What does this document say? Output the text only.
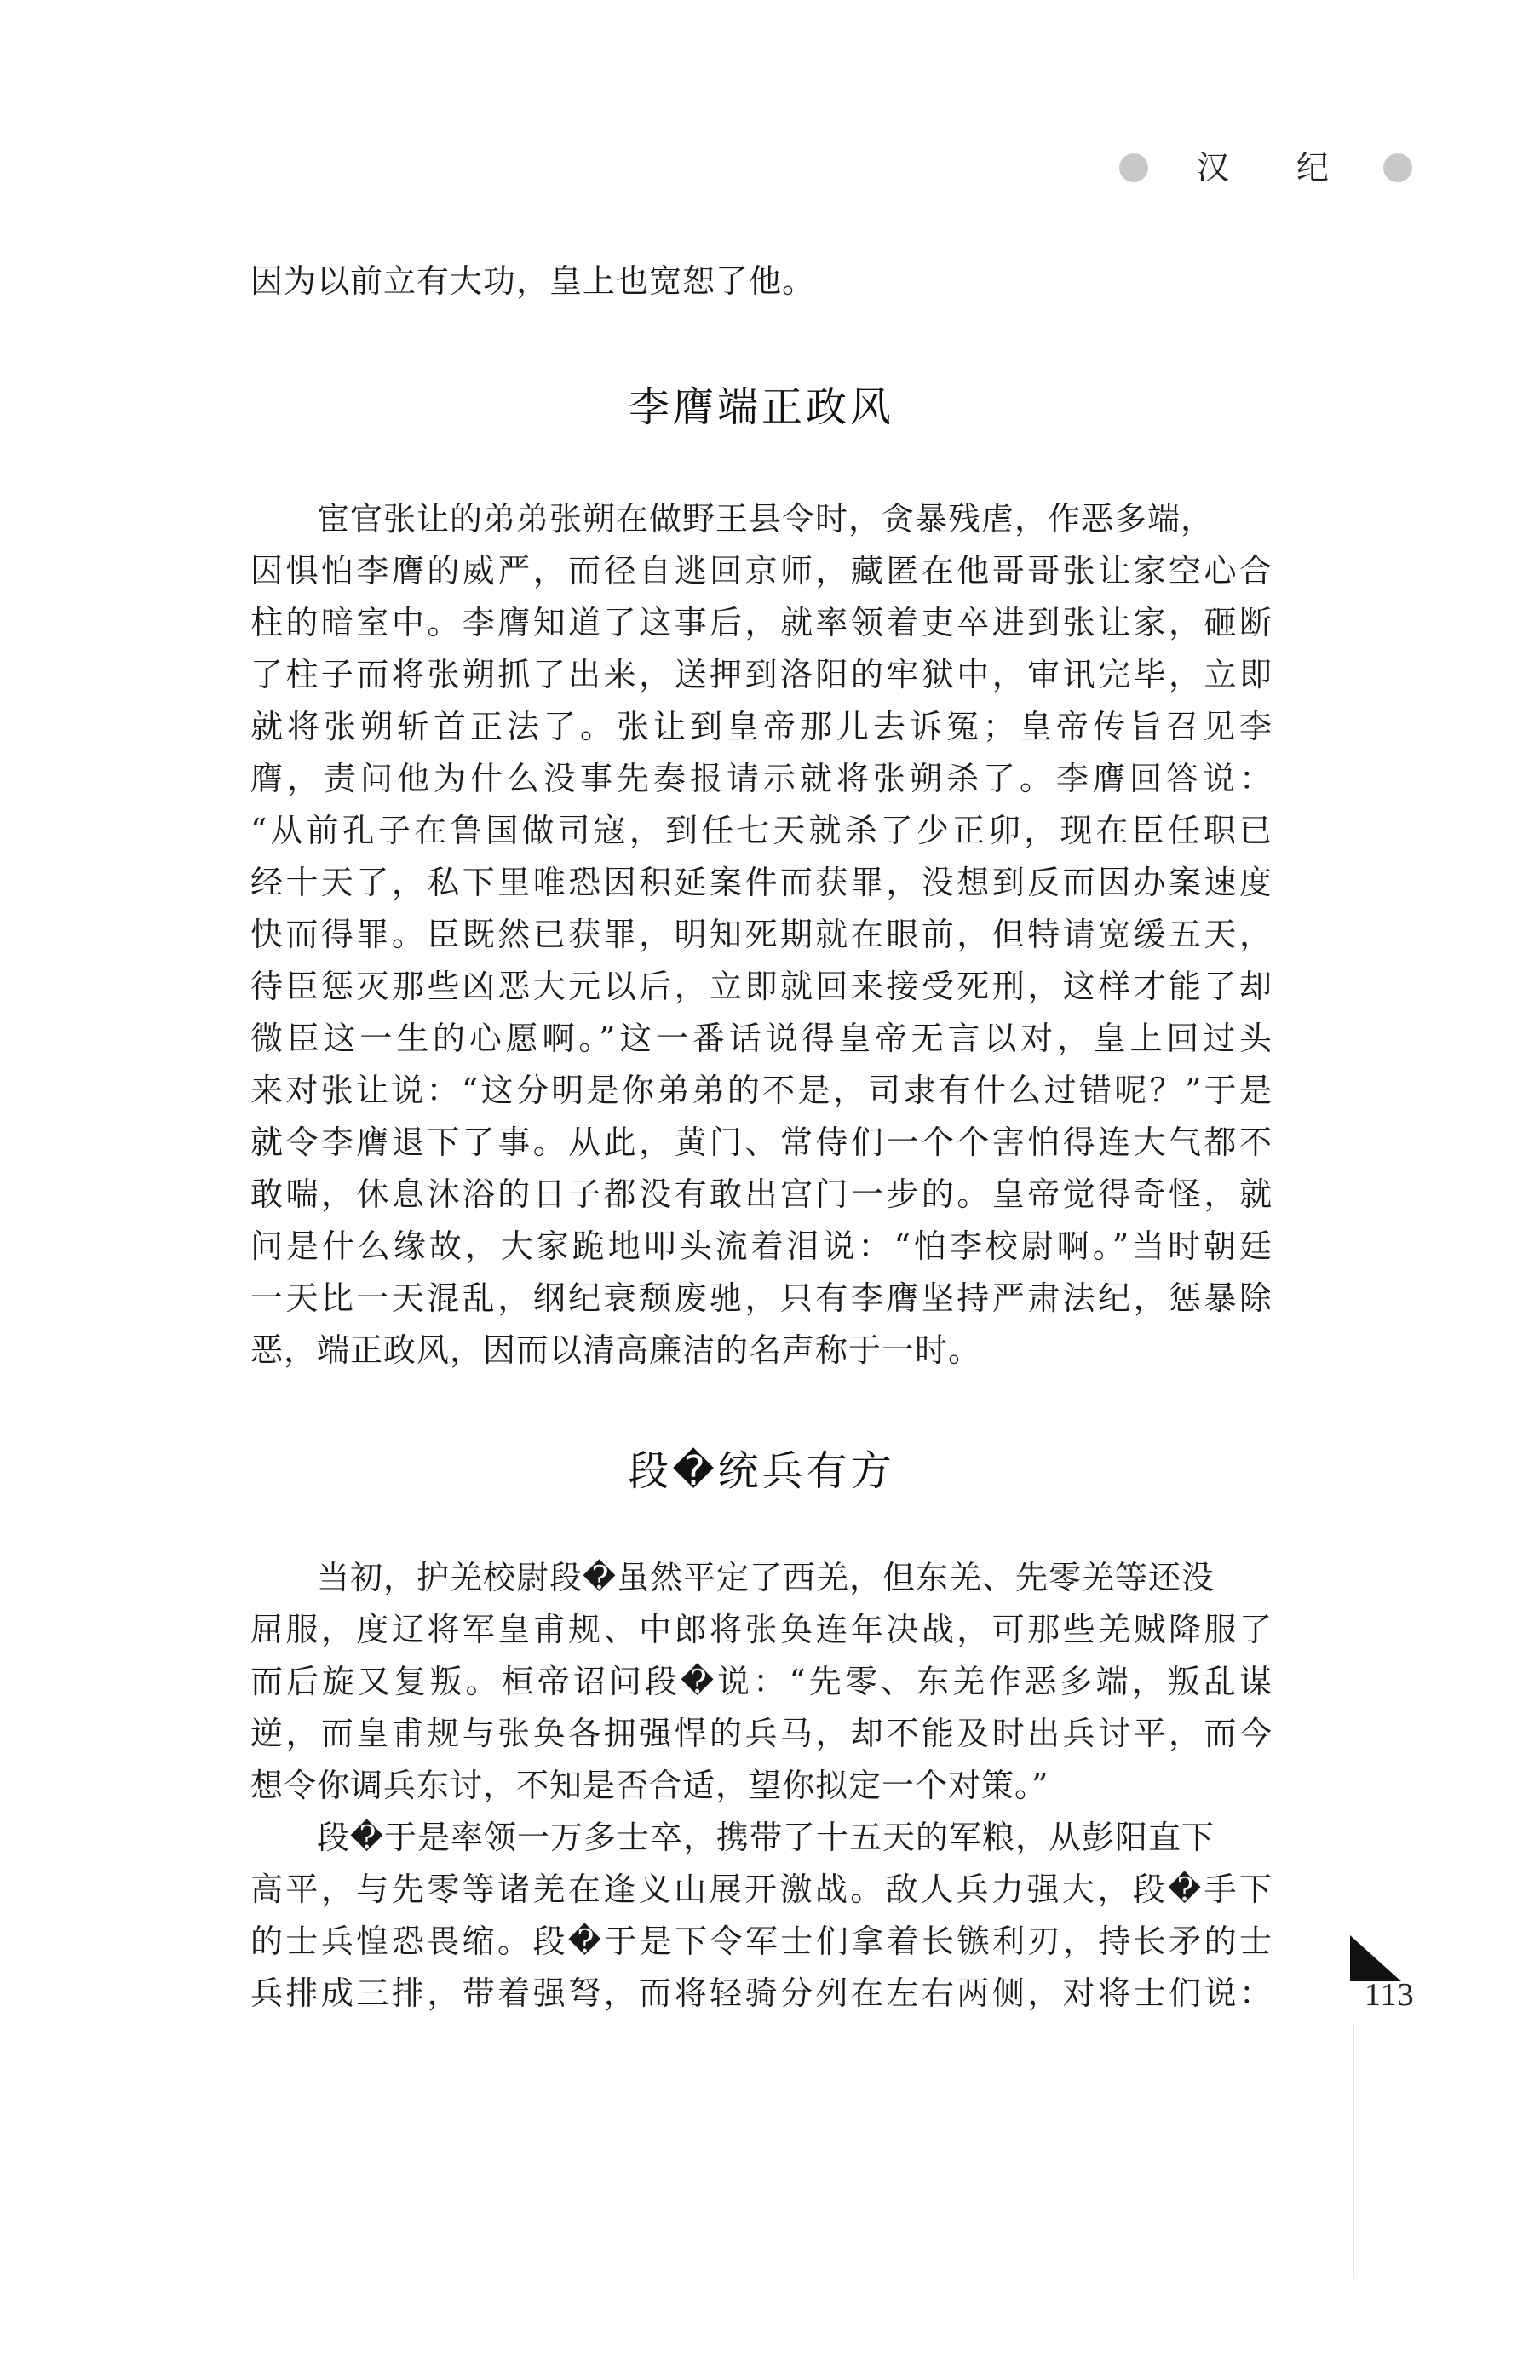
汉 纪
因为以前立有大功，皇上也宽恕了他。
李膺端正政风
　　宦官张让的弟弟张朔在做野王县令时，贪暴残虐，作恶多端，
因惧怕李膺的威严，而径自逃回京师，藏匿在他哥哥张让家空心合
柱的暗室中。李膺知道了这事后，就率领着吏卒进到张让家，砸断
了柱子而将张朔抓了出来，送押到洛阳的牢狱中，审讯完毕，立即
就将张朔斩首正法了。张让到皇帝那儿去诉冤；皇帝传旨召见李
膺，责问他为什么没事先奏报请示就将张朔杀了。李膺回答说：
“从前孔子在鲁国做司寇，到任七天就杀了少正卯，现在臣任职已
经十天了，私下里唯恐因积延案件而获罪，没想到反而因办案速度
快而得罪。臣既然已获罪，明知死期就在眼前，但特请宽缓五天，
待臣惩灭那些凶恶大元以后，立即就回来接受死刑，这样才能了却
微臣这一生的心愿啊。”这一番话说得皇帝无言以对，皇上回过头
来对张让说：“这分明是你弟弟的不是，司隶有什么过错呢？”于是
就令李膺退下了事。从此，黄门、常侍们一个个害怕得连大气都不
敢喘，休息沐浴的日子都没有敢出宫门一步的。皇帝觉得奇怪，就
问是什么缘故，大家跪地叩头流着泪说：“怕李校尉啊。”当时朝廷
一天比一天混乱，纲纪衰颓废驰，只有李膺坚持严肃法纪，惩暴除
恶，端正政风，因而以清高廉洁的名声称于一时。
段�统兵有方
　　当初，护羌校尉段�虽然平定了西羌，但东羌、先零羌等还没
屈服，度辽将军皇甫规、中郎将张奂连年决战，可那些羌贼降服了
而后旋又复叛。桓帝诏问段�说：“先零、东羌作恶多端，叛乱谋
逆，而皇甫规与张奂各拥强悍的兵马，却不能及时出兵讨平，而今
想令你调兵东讨，不知是否合适，望你拟定一个对策。”
　　段�于是率领一万多士卒，携带了十五天的军粮，从彭阳直下
高平，与先零等诸羌在逢义山展开激战。敌人兵力强大，段�手下
的士兵惶恐畏缩。段�于是下令军士们拿着长镞利刃，持长矛的士
兵排成三排，带着强弩，而将轻骑分列在左右两侧，对将士们说：	113
